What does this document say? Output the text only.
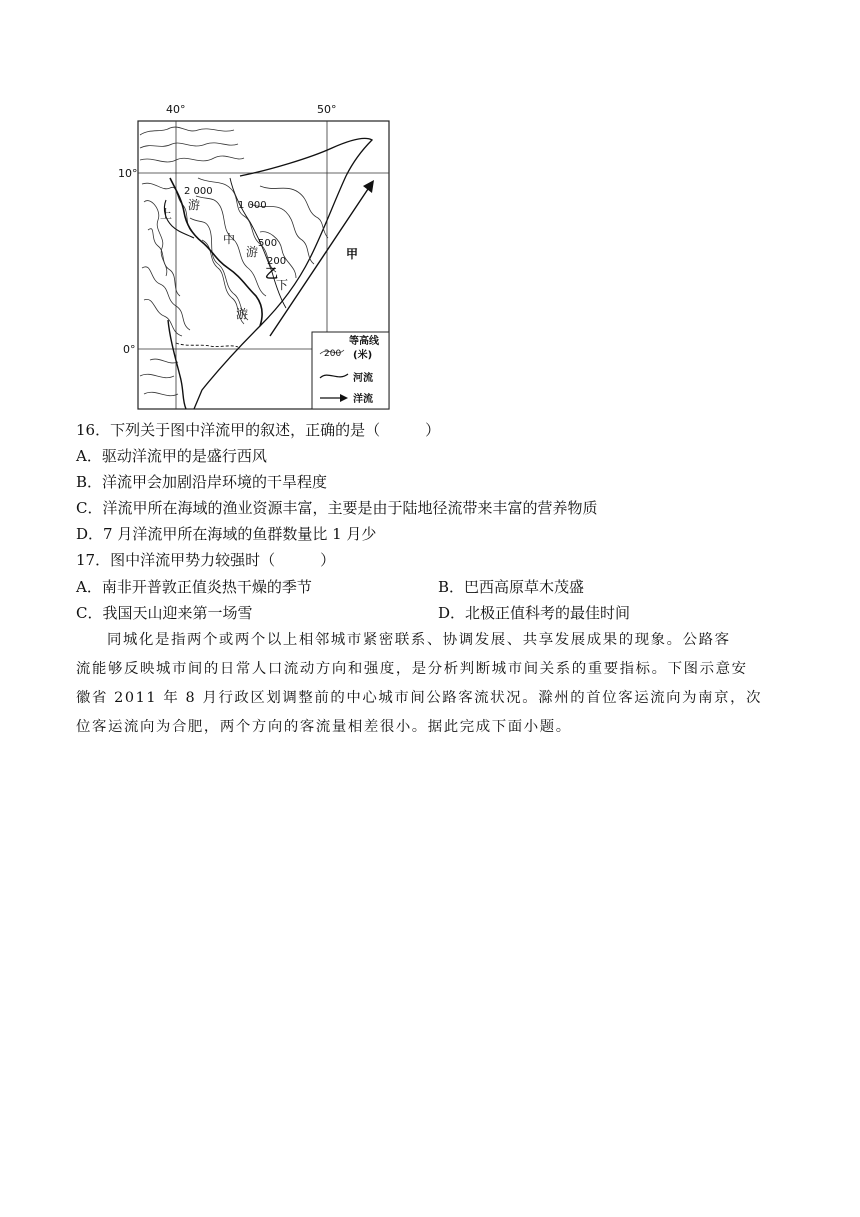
40°	50°
10°
0°
2 000
1 000
500
200
上
游
中
游
下
游
乙
甲
200
等高线
(米)
河流
洋流
16．下列关于图中洋流甲的叙述，正确的是（　　　）
A．驱动洋流甲的是盛行西风
B．洋流甲会加剧沿岸环境的干旱程度
C．洋流甲所在海域的渔业资源丰富，主要是由于陆地径流带来丰富的营养物质
D．7 月洋流甲所在海域的鱼群数量比 1 月少
17．图中洋流甲势力较强时（　　　）
A．南非开普敦正值炎热干燥的季节	B．巴西高原草木茂盛
C．我国天山迎来第一场雪	D．北极正值科考的最佳时间

同城化是指两个或两个以上相邻城市紧密联系、协调发展、共享发展成果的现象。公路客

流能够反映城市间的日常人口流动方向和强度，是分析判断城市间关系的重要指标。下图示意安

徽省 2011 年 8 月行政区划调整前的中心城市间公路客流状况。滁州的首位客运流向为南京，次

位客运流向为合肥，两个方向的客流量相差很小。据此完成下面小题。
